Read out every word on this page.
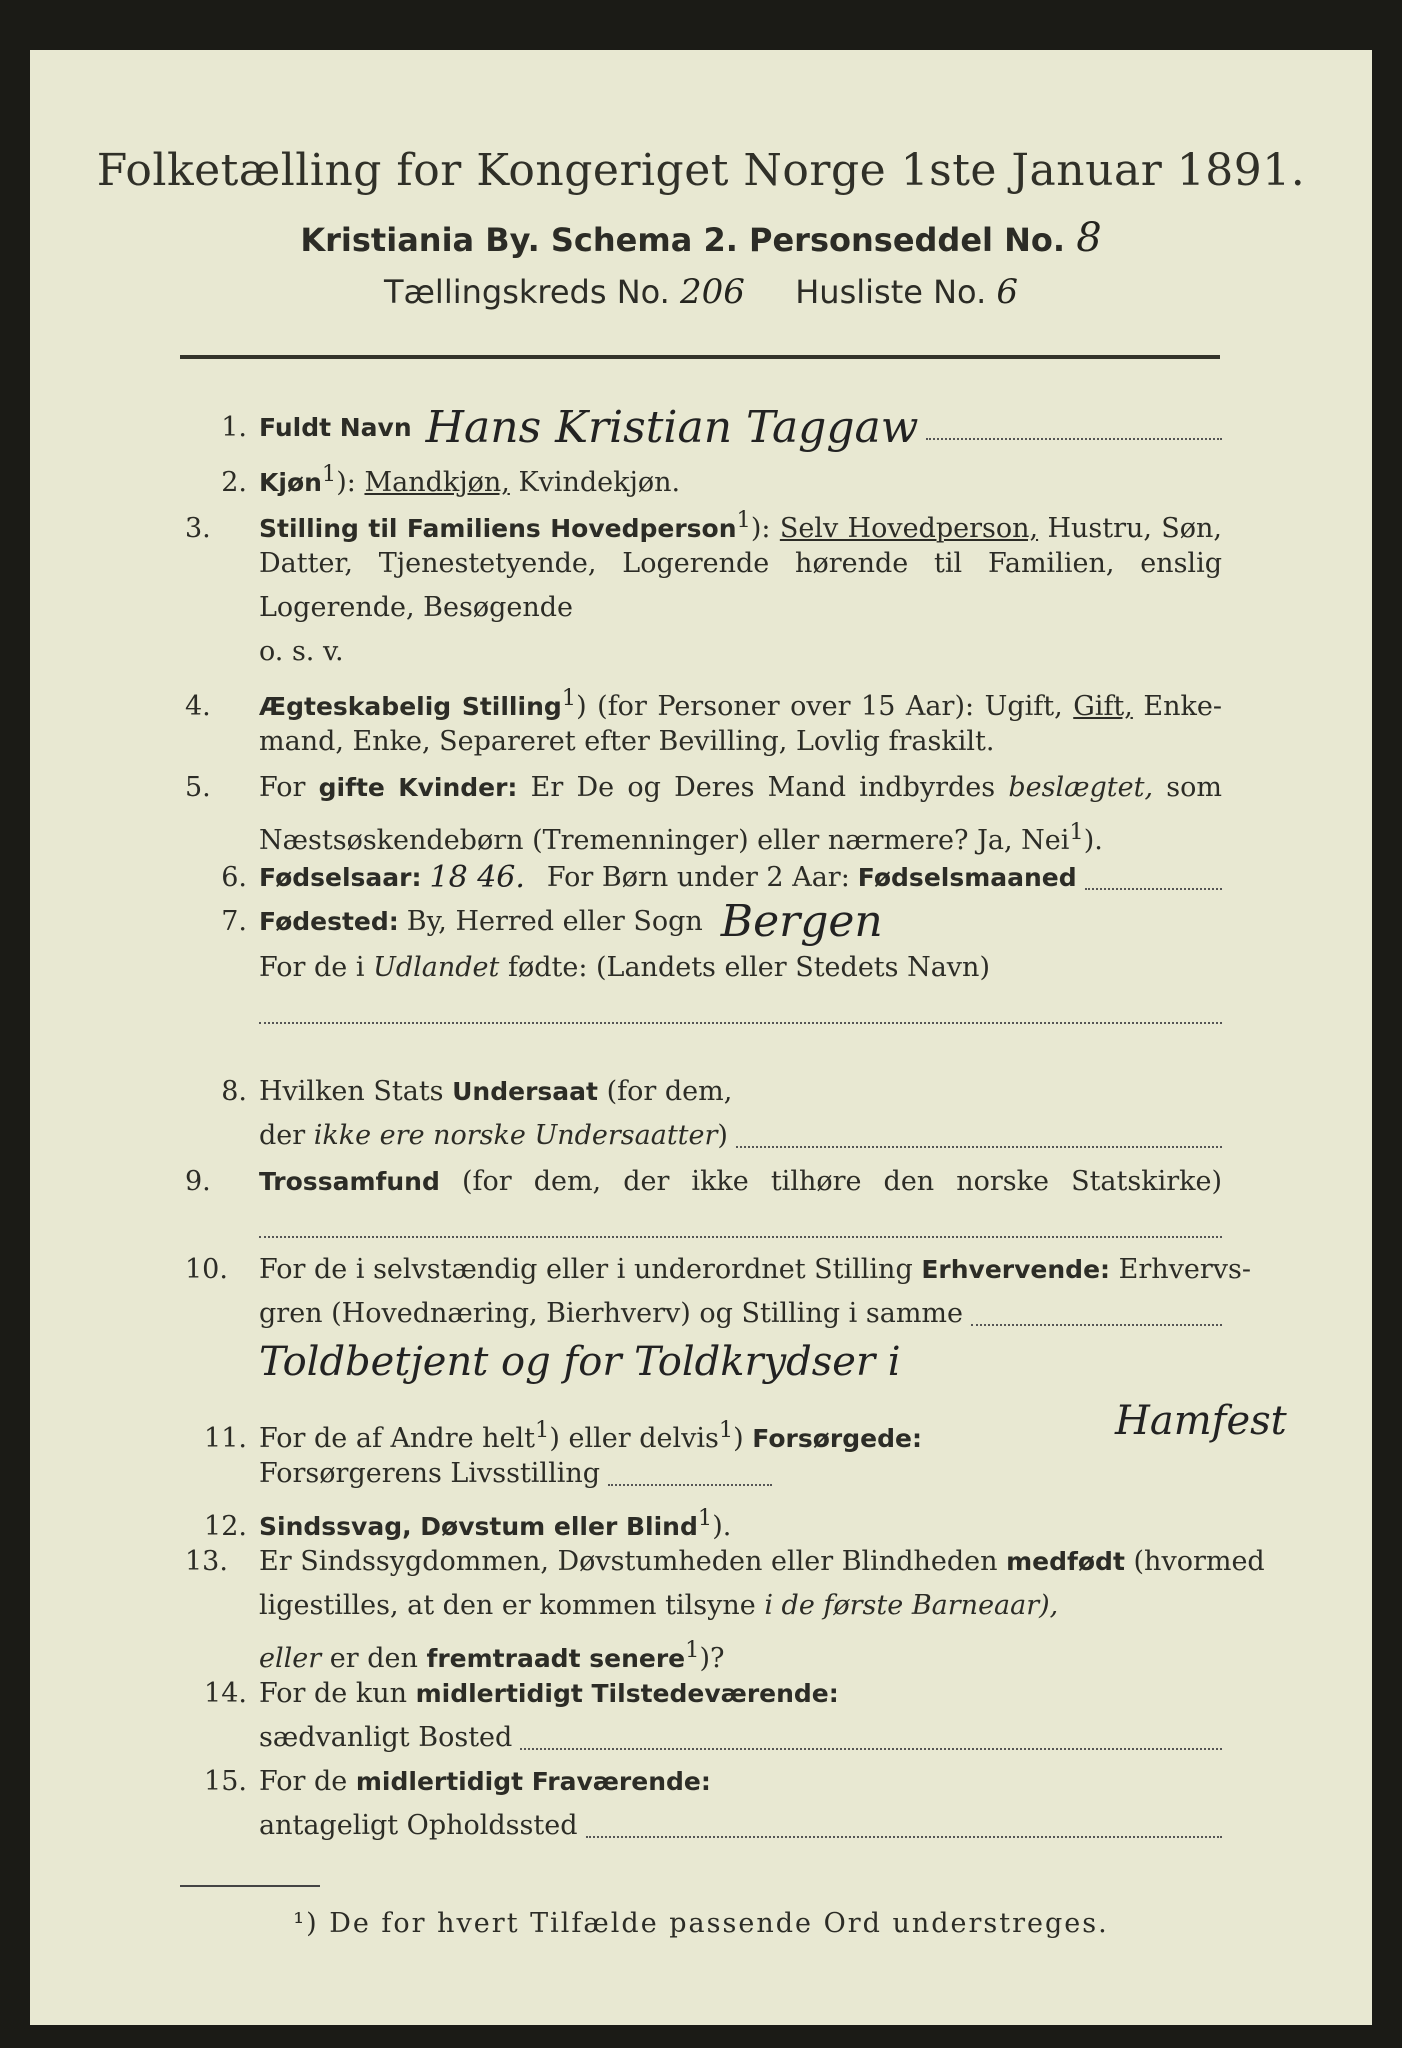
Folketælling for Kongeriget Norge 1ste Januar 1891.
Kristiania By. Schema 2. Personseddel No. 8
Tællingskreds No. 206 Husliste No. 6
1. Fuldt Navn Hans Kristian Taggaw
2. Kjøn$^1$): Mandkjøn, Kvindekjøn.
3. Stilling til Familiens Hovedperson$^1$): Selv Hovedperson, Hustru, Søn,
Datter, Tjenestetyende, Logerende hørende til Familien, enslig
Logerende, Besøgende
o. s. v.
4. Ægteskabelig Stilling$^1$) (for Personer over 15 Aar): Ugift, Gift, Enke-
mand, Enke, Separeret efter Bevilling, Lovlig fraskilt.
5. For gifte Kvinder: Er De og Deres Mand indbyrdes beslægtet, som
Næstsøskendebørn (Tremenninger) eller nærmere? Ja, Nei$^1$).
6. Fødselsaar: 18 46. For Børn under 2 Aar: Fødselsmaaned
7. Fødested: By, Herred eller Sogn Bergen
For de i Udlandet fødte: (Landets eller Stedets Navn)
8. Hvilken Stats Undersaat (for dem,
der
ikke ere norske Undersaatter )
9. Trossamfund (for dem, der ikke tilhøre den norske Statskirke)
10. For de i selvstændig eller i underordnet Stilling Erhvervende: Erhvervs-
gren (Hovednæring, Bierhverv) og Stilling i samme
Toldbetjent og for Toldkrydser i
Hamfest
11. For de af Andre helt$^1$) eller delvis$^1$) Forsørgede:
Forsørgerens Livsstilling
12. Sindssvag, Døvstum eller Blind$^1$).
13. Er Sindssygdommen, Døvstumheden eller Blindheden medfødt (hvormed
ligestilles, at den er kommen tilsyne i de første Barneaar),
eller er den fremtraadt senere$^1$)?
14. For de kun midlertidigt Tilstedeværende:
sædvanligt Bosted
15. For de midlertidigt Fraværende:
antageligt Opholdssted
¹) De for hvert Tilfælde passende Ord understreges.
